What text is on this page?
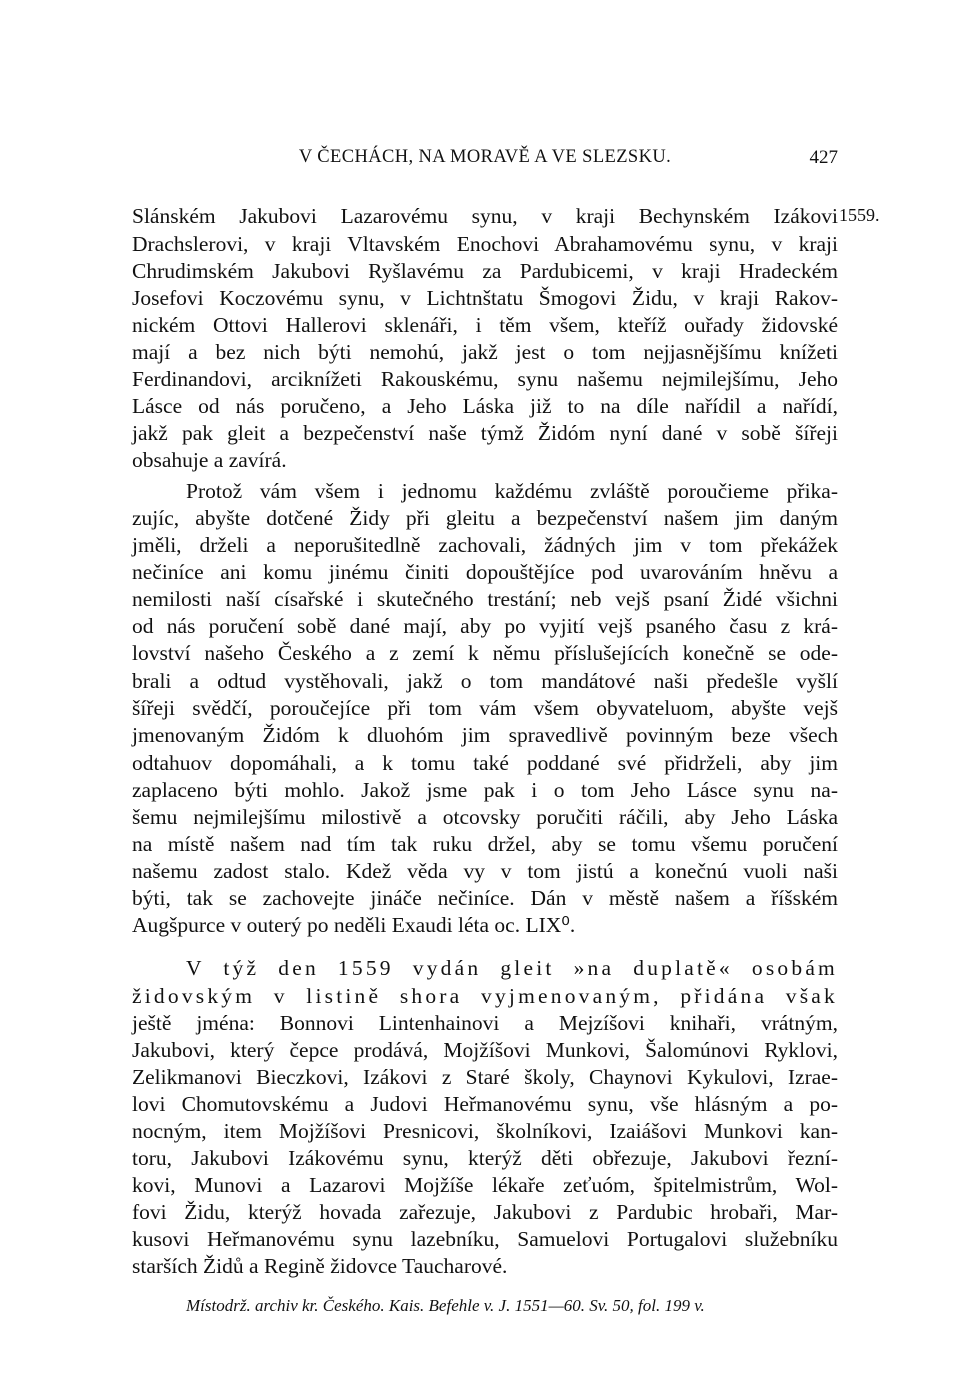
V ČECHÁCH, NA MORAVĚ A VE SLEZSKU.	427
1559.
Slánském Jakubovi Lazarovému synu, v kraji Bechynském Izákovi
Drachslerovi, v kraji Vltavském Enochovi Abrahamovému synu, v kraji
Chrudimském Jakubovi Ryšlavému za Pardubicemi, v kraji Hradeckém
Josefovi Koczovému synu, v Lichtnštatu Šmogovi Židu, v kraji Rakov-
nickém Ottovi Hallerovi sklenáři, i těm všem, kteříž ouřady židovské
mají a bez nich býti nemohú, jakž jest o tom nejjasnějšímu knížeti
Ferdinandovi, arciknížeti Rakouskému, synu našemu nejmilejšímu, Jeho
Lásce od nás poručeno, a Jeho Láska již to na díle nařídil a nařídí,
jakž pak gleit a bezpečenství naše týmž Židóm nyní dané v sobě šířeji
obsahuje a zavírá.
Protož vám všem i jednomu každému zvláště poroučieme přika-
zujíc, abyšte dotčené Židy při gleitu a bezpečenství našem jim daným
jměli, drželi a neporušitedlně zachovali, žádných jim v tom překážek
nečiníce ani komu jinému činiti dopouštějíce pod uvarováním hněvu a
nemilosti naší císařské i skutečného trestání; neb vejš psaní Židé všichni
od nás poručení sobě dané mají, aby po vyjití vejš psaného času z krá-
lovství našeho Českého a z zemí k němu příslušejících konečně se ode-
brali a odtud vystěhovali, jakž o tom mandátové naši předešle vyšlí
šířeji svědčí, poroučejíce při tom vám všem obyvateluom, abyšte vejš
jmenovaným Židóm k dluohóm jim spravedlivě povinným beze všech
odtahuov dopomáhali, a k tomu také poddané své přidrželi, aby jim
zaplaceno býti mohlo. Jakož jsme pak i o tom Jeho Lásce synu na-
šemu nejmilejšímu milostivě a otcovsky poručiti ráčili, aby Jeho Láska
na místě našem nad tím tak ruku držel, aby se tomu všemu poručení
našemu zadost stalo. Kdež věda vy v tom jistú a konečnú vuoli naši
býti, tak se zachovejte jináče nečiníce. Dán v městě našem a říšském
Augšpurce v outerý po neděli Exaudi léta oc. LIX⁰.
V týž den 1559 vydán gleit »na duplatě« osobám
židovským v listině shora vyjmenovaným, přidána však
ještě jména: Bonnovi Lintenhainovi a Mejzíšovi knihaři, vrátným,
Jakubovi, který čepce prodává, Mojžíšovi Munkovi, Šalomúnovi Ryklovi,
Zelikmanovi Bieczkovi, Izákovi z Staré školy, Chaynovi Kykulovi, Izrae-
lovi Chomutovskému a Judovi Heřmanovému synu, vše hlásným a po-
nocným, item Mojžíšovi Presnicovi, školníkovi, Izaiášovi Munkovi kan-
toru, Jakubovi Izákovému synu, kterýž děti obřezuje, Jakubovi řezní-
kovi, Munovi a Lazarovi Mojžíše lékaře zeťuóm, špitelmistrům, Wol-
fovi Židu, kterýž hovada zařezuje, Jakubovi z Pardubic hrobaři, Mar-
kusovi Heřmanovému synu lazebníku, Samuelovi Portugalovi služebníku
starších Židů a Regině židovce Taucharové.
Místodrž. archiv kr. Českého. Kais. Befehle v. J. 1551—60. Sv. 50, fol. 199 v.
